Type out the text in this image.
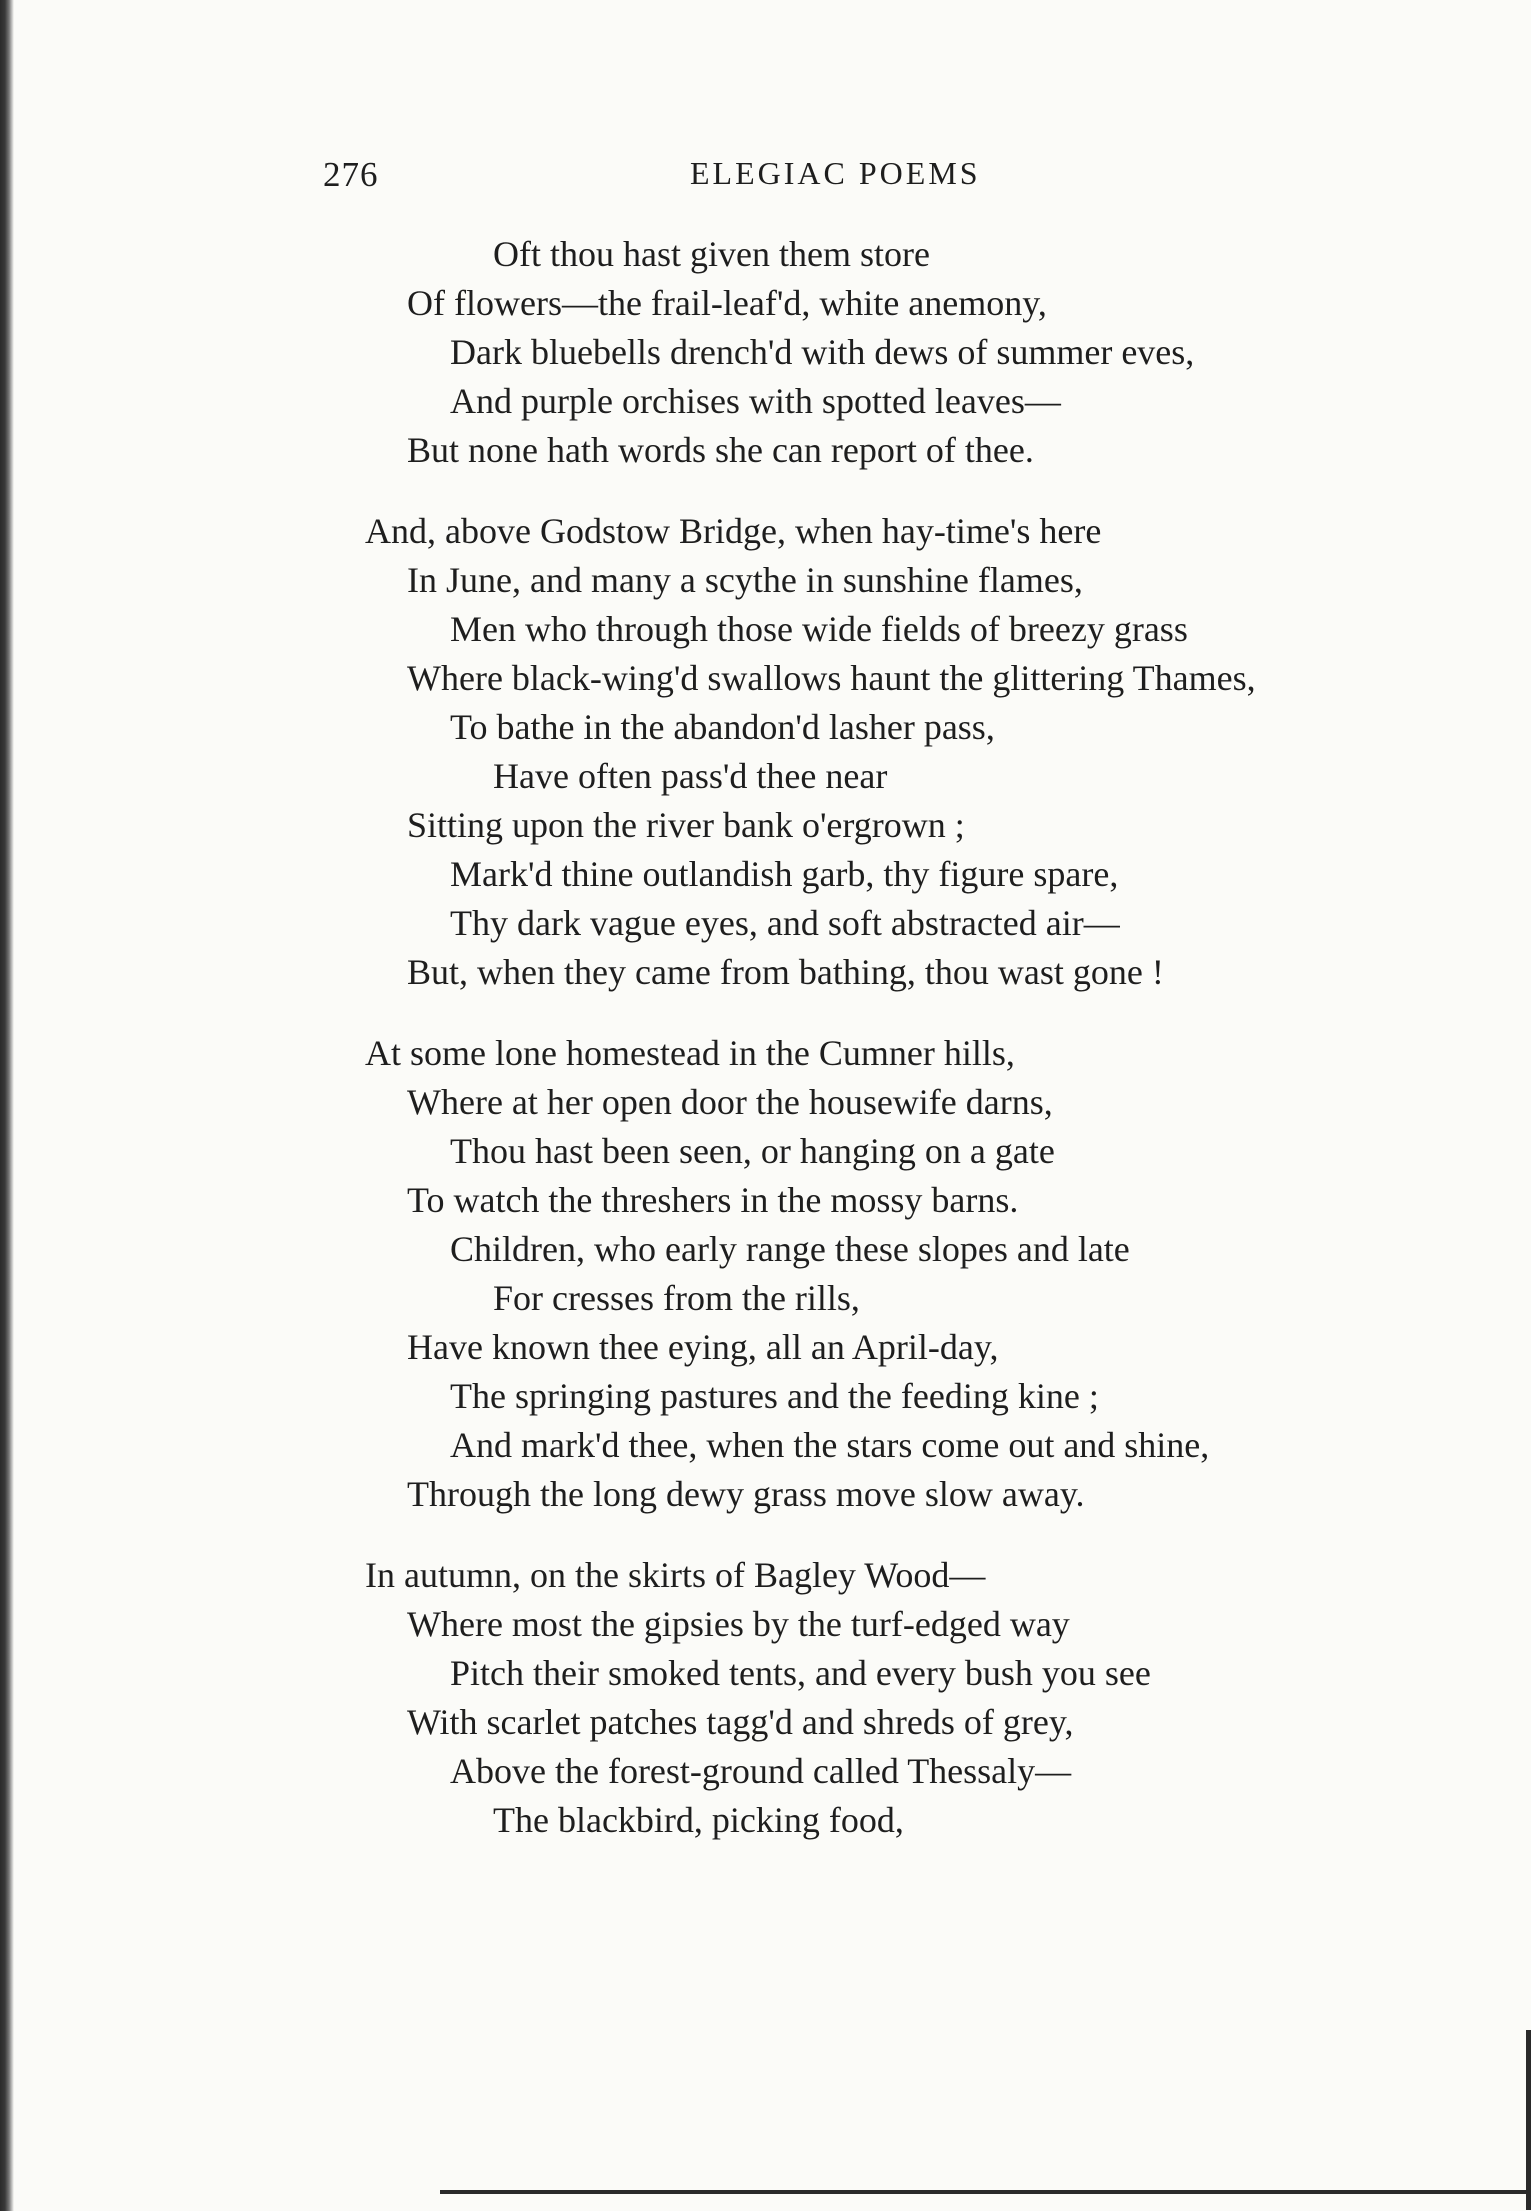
276	ELEGIAC POEMS
Oft thou hast given them store
Of flowers—the frail-leaf'd, white anemony,
Dark bluebells drench'd with dews of summer eves,
And purple orchises with spotted leaves—
But none hath words she can report of thee.
And, above Godstow Bridge, when hay-time's here
In June, and many a scythe in sunshine flames,
Men who through those wide fields of breezy grass
Where black-wing'd swallows haunt the glittering Thames,
To bathe in the abandon'd lasher pass,
Have often pass'd thee near
Sitting upon the river bank o'ergrown ;
Mark'd thine outlandish garb, thy figure spare,
Thy dark vague eyes, and soft abstracted air—
But, when they came from bathing, thou wast gone !
At some lone homestead in the Cumner hills,
Where at her open door the housewife darns,
Thou hast been seen, or hanging on a gate
To watch the threshers in the mossy barns.
Children, who early range these slopes and late
For cresses from the rills,
Have known thee eying, all an April-day,
The springing pastures and the feeding kine ;
And mark'd thee, when the stars come out and shine,
Through the long dewy grass move slow away.
In autumn, on the skirts of Bagley Wood—
Where most the gipsies by the turf-edged way
Pitch their smoked tents, and every bush you see
With scarlet patches tagg'd and shreds of grey,
Above the forest-ground called Thessaly—
The blackbird, picking food,
